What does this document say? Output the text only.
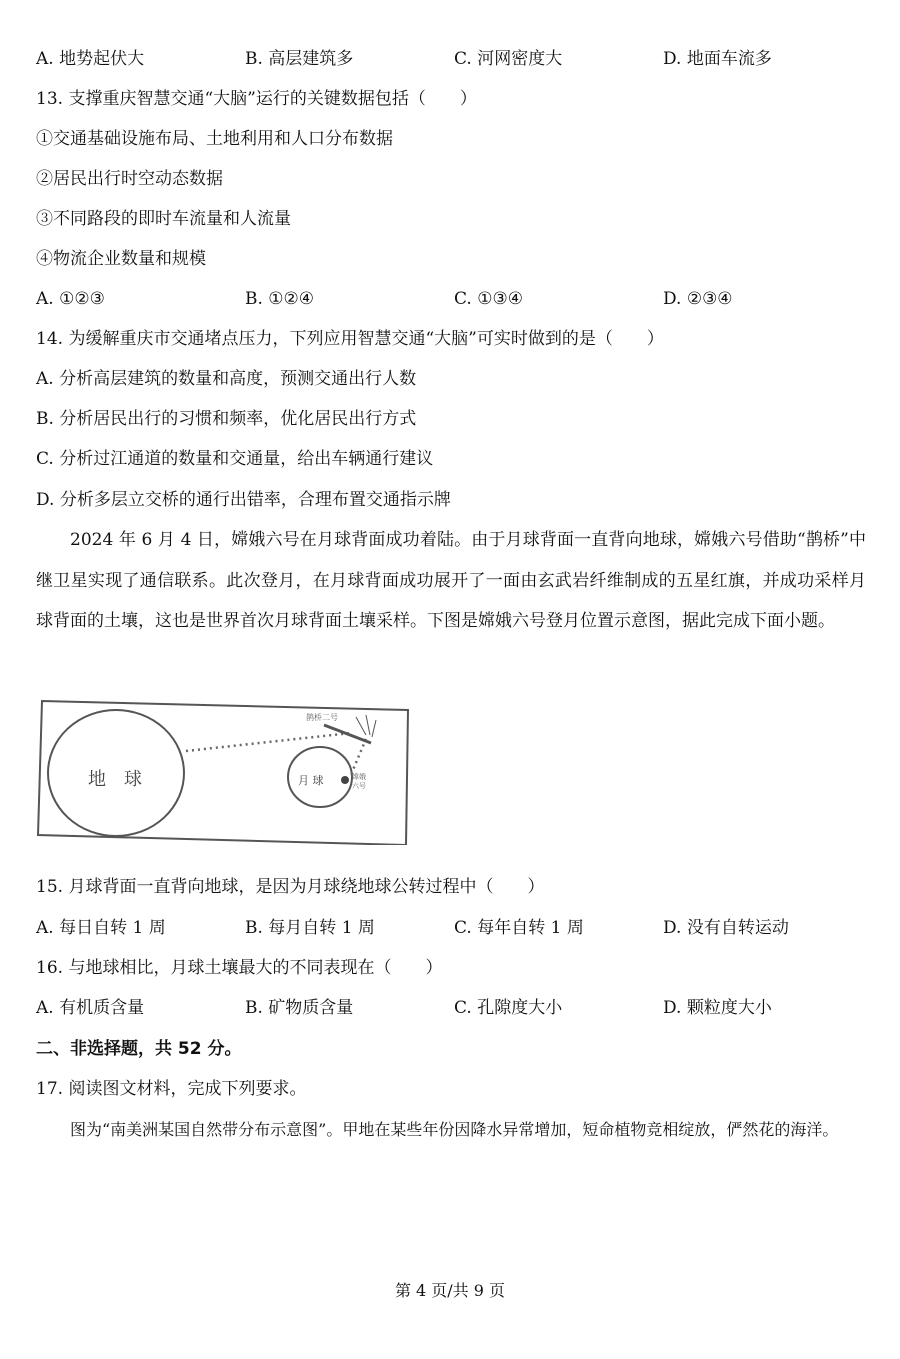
A. 地势起伏大	B. 高层建筑多	C. 河网密度大	D. 地面车流多
13. 支撑重庆智慧交通“大脑”运行的关键数据包括（　　）
①交通基础设施布局、土地利用和人口分布数据
②居民出行时空动态数据
③不同路段的即时车流量和人流量
④物流企业数量和规模
A. ①②③	B. ①②④	C. ①③④	D. ②③④
14. 为缓解重庆市交通堵点压力，下列应用智慧交通“大脑”可实时做到的是（　　）
A. 分析高层建筑的数量和高度，预测交通出行人数
B. 分析居民出行的习惯和频率，优化居民出行方式
C. 分析过江通道的数量和交通量，给出车辆通行建议
D. 分析多层立交桥的通行出错率，合理布置交通指示牌
2024 年 6 月 4 日，嫦娥六号在月球背面成功着陆。由于月球背面一直背向地球，嫦娥六号借助“鹊桥”中继卫星实现了通信联系。此次登月，在月球背面成功展开了一面由玄武岩纤维制成的五星红旗，并成功采样月球背面的土壤，这也是世界首次月球背面土壤采样。下图是嫦娥六号登月位置示意图，据此完成下面小题。
地　球	月 球
鹊桥二号
嫦娥六号
15. 月球背面一直背向地球，是因为月球绕地球公转过程中（　　）
A. 每日自转 1 周	B. 每月自转 1 周	C. 每年自转 1 周	D. 没有自转运动
16. 与地球相比，月球土壤最大的不同表现在（　　）
A. 有机质含量	B. 矿物质含量	C. 孔隙度大小	D. 颗粒度大小
二、非选择题，共 52 分。
17. 阅读图文材料，完成下列要求。
图为“南美洲某国自然带分布示意图”。甲地在某些年份因降水异常增加，短命植物竞相绽放，俨然花的海洋。
第 4 页/共 9 页
